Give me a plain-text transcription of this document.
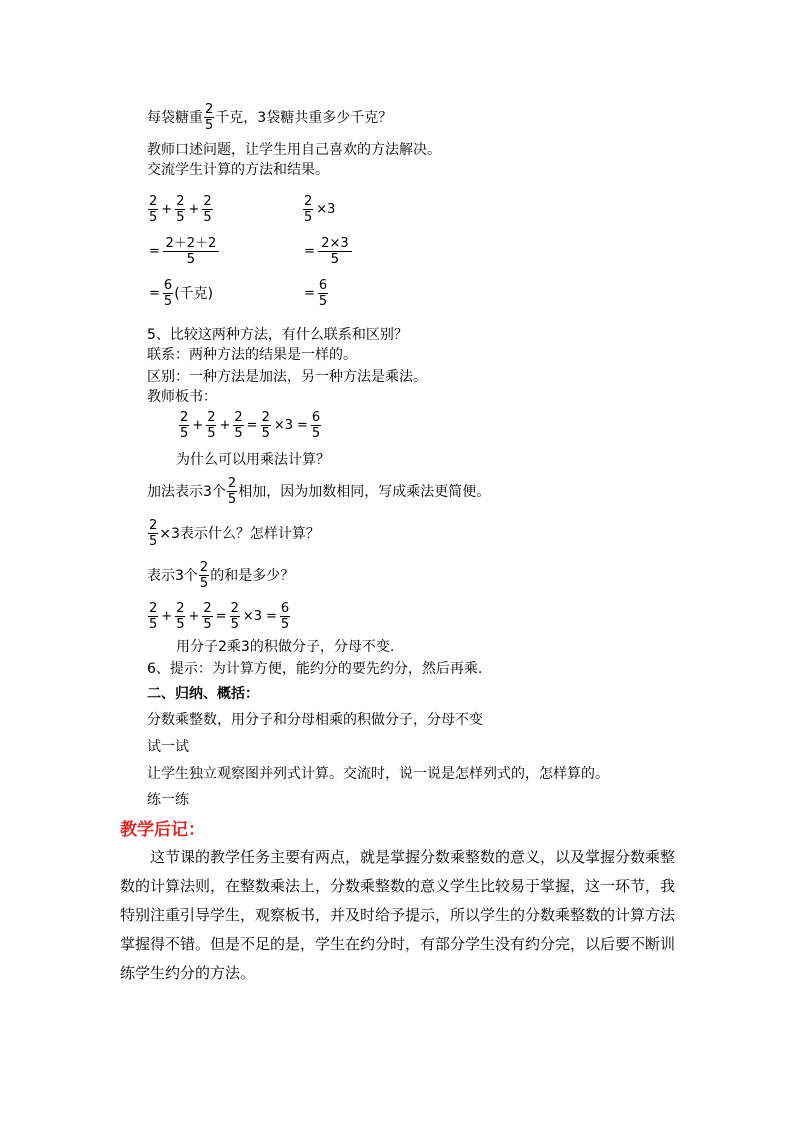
每袋糖重 $\frac{2}{5}$ 千克，3袋糖共重多少千克？
教师口述问题，让学生用自己喜欢的方法解决。
交流学生计算的方法和结果。
$\frac{2}{5} + \frac{2}{5} + \frac{2}{5}$
= $\frac{2+2+2}{5}$
= $\frac{6}{5}$ (千克)
$\frac{2}{5} \times 3$
= $\frac{2\times 3}{5}$
= $\frac{6}{5}$
5、比较这两种方法，有什么联系和区别？
联系：两种方法的结果是一样的。
区别：一种方法是加法，另一种方法是乘法。
教师板书：
$\frac{2}{5} + \frac{2}{5} + \frac{2}{5} = \frac{2}{5} \times 3 = \frac{6}{5}$
为什么可以用乘法计算？
加法表示3个 $\frac{2}{5}$ 相加，因为加数相同，写成乘法更简便。
$\frac{2}{5} \times 3$表示什么？怎样计算？
表示3个 $\frac{2}{5}$ 的和是多少？
$\frac{2}{5} + \frac{2}{5} + \frac{2}{5} = \frac{2}{5} \times 3 = \frac{6}{5}$
用分子2乘3的积做分子，分母不变.
6、提示：为计算方便，能约分的要先约分，然后再乘.
二、归纳、概括：
分数乘整数，用分子和分母相乘的积做分子，分母不变
试一试
让学生独立观察图并列式计算。交流时，说一说是怎样列式的，怎样算的。
练一练
教学后记：
这节课的教学任务主要有两点，就是掌握分数乘整数的意义，以及掌握分数乘整数的计算法则，在整数乘法上，分数乘整数的意义学生比较易于掌握，这一环节，我特别注重引导学生，观察板书，并及时给予提示，所以学生的分数乘整数的计算方法掌握得不错。但是不足的是，学生在约分时，有部分学生没有约分完，以后要不断训练学生约分的方法。
